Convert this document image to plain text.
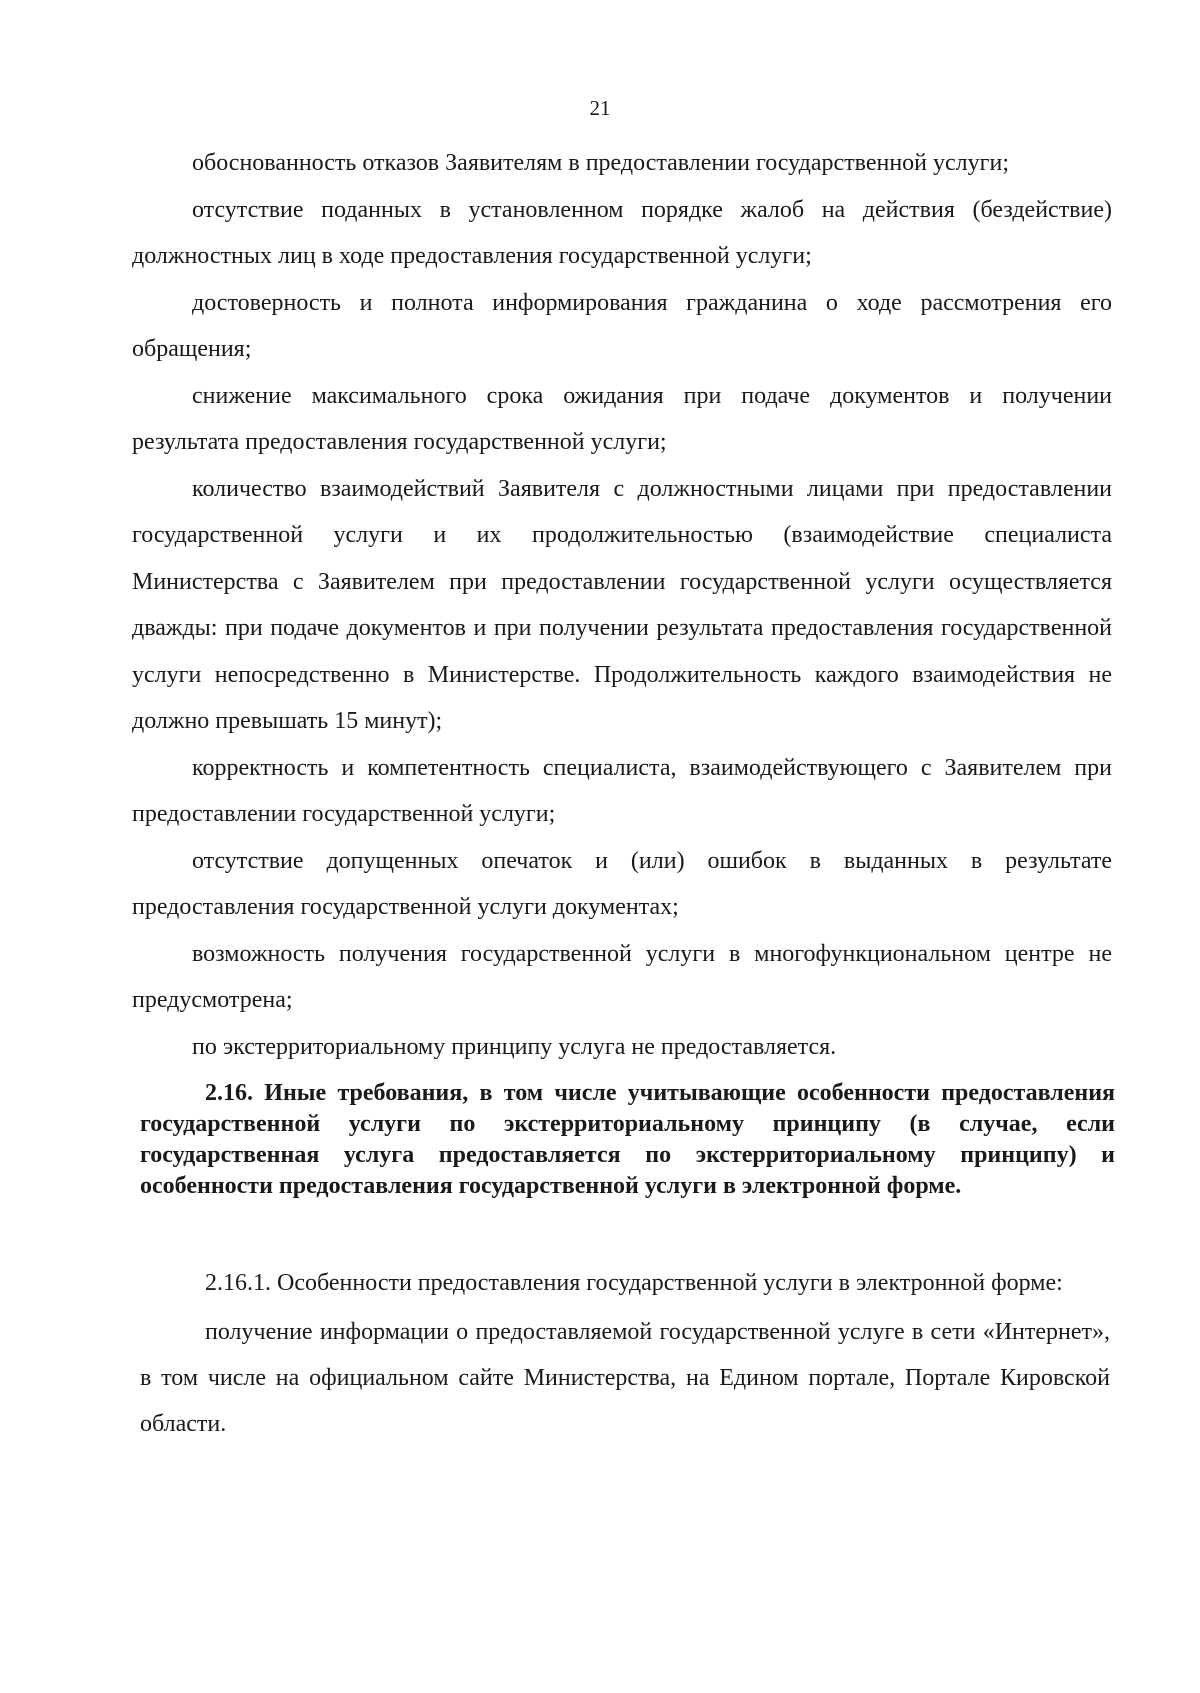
21

обоснованность отказов Заявителям в предоставлении государственной услуги;

отсутствие поданных в установленном порядке жалоб на действия (бездействие) должностных лиц в ходе предоставления государственной услуги;

достоверность и полнота информирования гражданина о ходе рассмотрения его обращения;

снижение максимального срока ожидания при подаче документов и получении результата предоставления государственной услуги;

количество взаимодействий Заявителя с должностными лицами при предоставлении государственной услуги и их продолжительностью (взаимодействие специалиста Министерства с Заявителем при предоставлении государственной услуги осуществляется дважды: при подаче документов и при получении результата предоставления государственной услуги непосредственно в Министерстве. Продолжительность каждого взаимодействия не должно превышать 15 минут);

корректность и компетентность специалиста, взаимодействующего с Заявителем при предоставлении государственной услуги;

отсутствие допущенных опечаток и (или) ошибок в выданных в результате предоставления государственной услуги документах;

возможность получения государственной услуги в многофункциональном центре не предусмотрена;

по экстерриториальному принципу услуга не предоставляется.

2.16. Иные требования, в том числе учитывающие особенности предоставления государственной услуги по экстерриториальному принципу (в случае, если государственная услуга предоставляется по экстерриториальному принципу) и особенности предоставления государственной услуги в электронной форме.

2.16.1. Особенности предоставления государственной услуги в электронной форме:

получение информации о предоставляемой государственной услуге в сети «Интернет», в том числе на официальном сайте Министерства, на Едином портале, Портале Кировской области.
